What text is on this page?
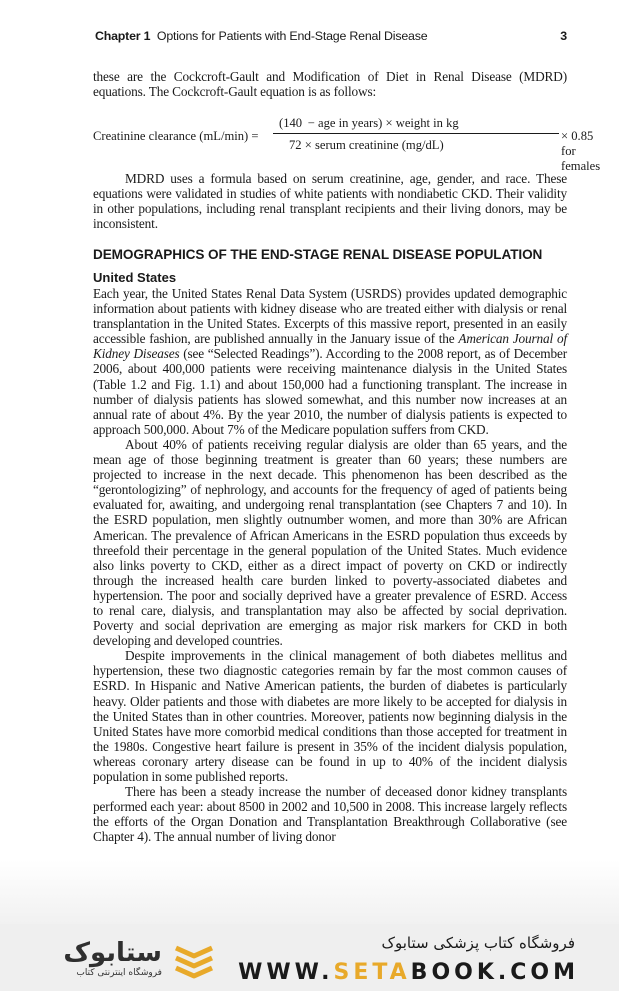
Chapter 1 Options for Patients with End-Stage Renal Disease	3

these are the Cockcroft-Gault and Modification of Diet in Renal Disease (MDRD) equations. The Cockcroft-Gault equation is as follows:

Creatinine clearance (mL/min) =
(140  − age in years) × weight in kg
72 × serum creatinine (mg/dL)
× 0.85 for females

MDRD uses a formula based on serum creatinine, age, gender, and race. These equations were validated in studies of white patients with nondiabetic CKD. Their validity in other populations, including renal transplant recipients and their living donors, may be inconsistent.

DEMOGRAPHICS OF THE END-STAGE RENAL DISEASE POPULATION
United States

Each year, the United States Renal Data System (USRDS) provides updated demographic information about patients with kidney disease who are treated either with dialysis or renal transplantation in the United States. Excerpts of this massive report, presented in an easily accessible fashion, are published annually in the January issue of the American Journal of Kidney Diseases (see “Selected Readings”). According to the 2008 report, as of December 2006, about 400,000 patients were receiving maintenance dialysis in the United States (Table 1.2 and Fig. 1.1) and about 150,000 had a functioning transplant. The increase in number of dialysis patients has slowed somewhat, and this number now increases at an annual rate of about 4%. By the year 2010, the number of dialysis patients is expected to approach 500,000. About 7% of the Medicare population suffers from CKD.

About 40% of patients receiving regular dialysis are older than 65 years, and the mean age of those beginning treatment is greater than 60 years; these numbers are projected to increase in the next decade. This phenomenon has been described as the “gerontologizing” of nephrology, and accounts for the frequency of aged of patients being evaluated for, awaiting, and undergoing renal transplantation (see Chapters 7 and 10). In the ESRD population, men slightly outnumber women, and more than 30% are African American. The prevalence of African Americans in the ESRD population thus exceeds by threefold their percentage in the general population of the United States. Much evidence also links poverty to CKD, either as a direct impact of poverty on CKD or indirectly through the increased health care burden linked to poverty-associated diabetes and hypertension. The poor and socially deprived have a greater prevalence of ESRD. Access to renal care, dialysis, and transplantation may also be affected by social deprivation. Poverty and social deprivation are emerging as major risk markers for CKD in both developing and developed countries.

Despite improvements in the clinical management of both diabetes mellitus and hypertension, these two diagnostic categories remain by far the most common causes of ESRD. In Hispanic and Native American patients, the burden of diabetes is particularly heavy. Older patients and those with diabetes are more likely to be accepted for dialysis in the United States than in other countries. Moreover, patients now beginning dialysis in the United States have more comorbid medical conditions than those accepted for treatment in the 1980s. Congestive heart failure is present in 35% of the incident dialysis population, whereas coronary artery disease can be found in up to 40% of the incident dialysis population in some published reports.

There has been a steady increase the number of deceased donor kidney transplants performed each year: about 8500 in 2002 and 10,500 in 2008. This increase largely reflects the efforts of the Organ Donation and Transplantation Breakthrough Collaborative (see Chapter 4). The annual number of living donor

ستابوک
فروشگاه اینترنتی کتاب
فروشگاه کتاب پزشکی ستابوک
WWW.SETABOOK.COM
